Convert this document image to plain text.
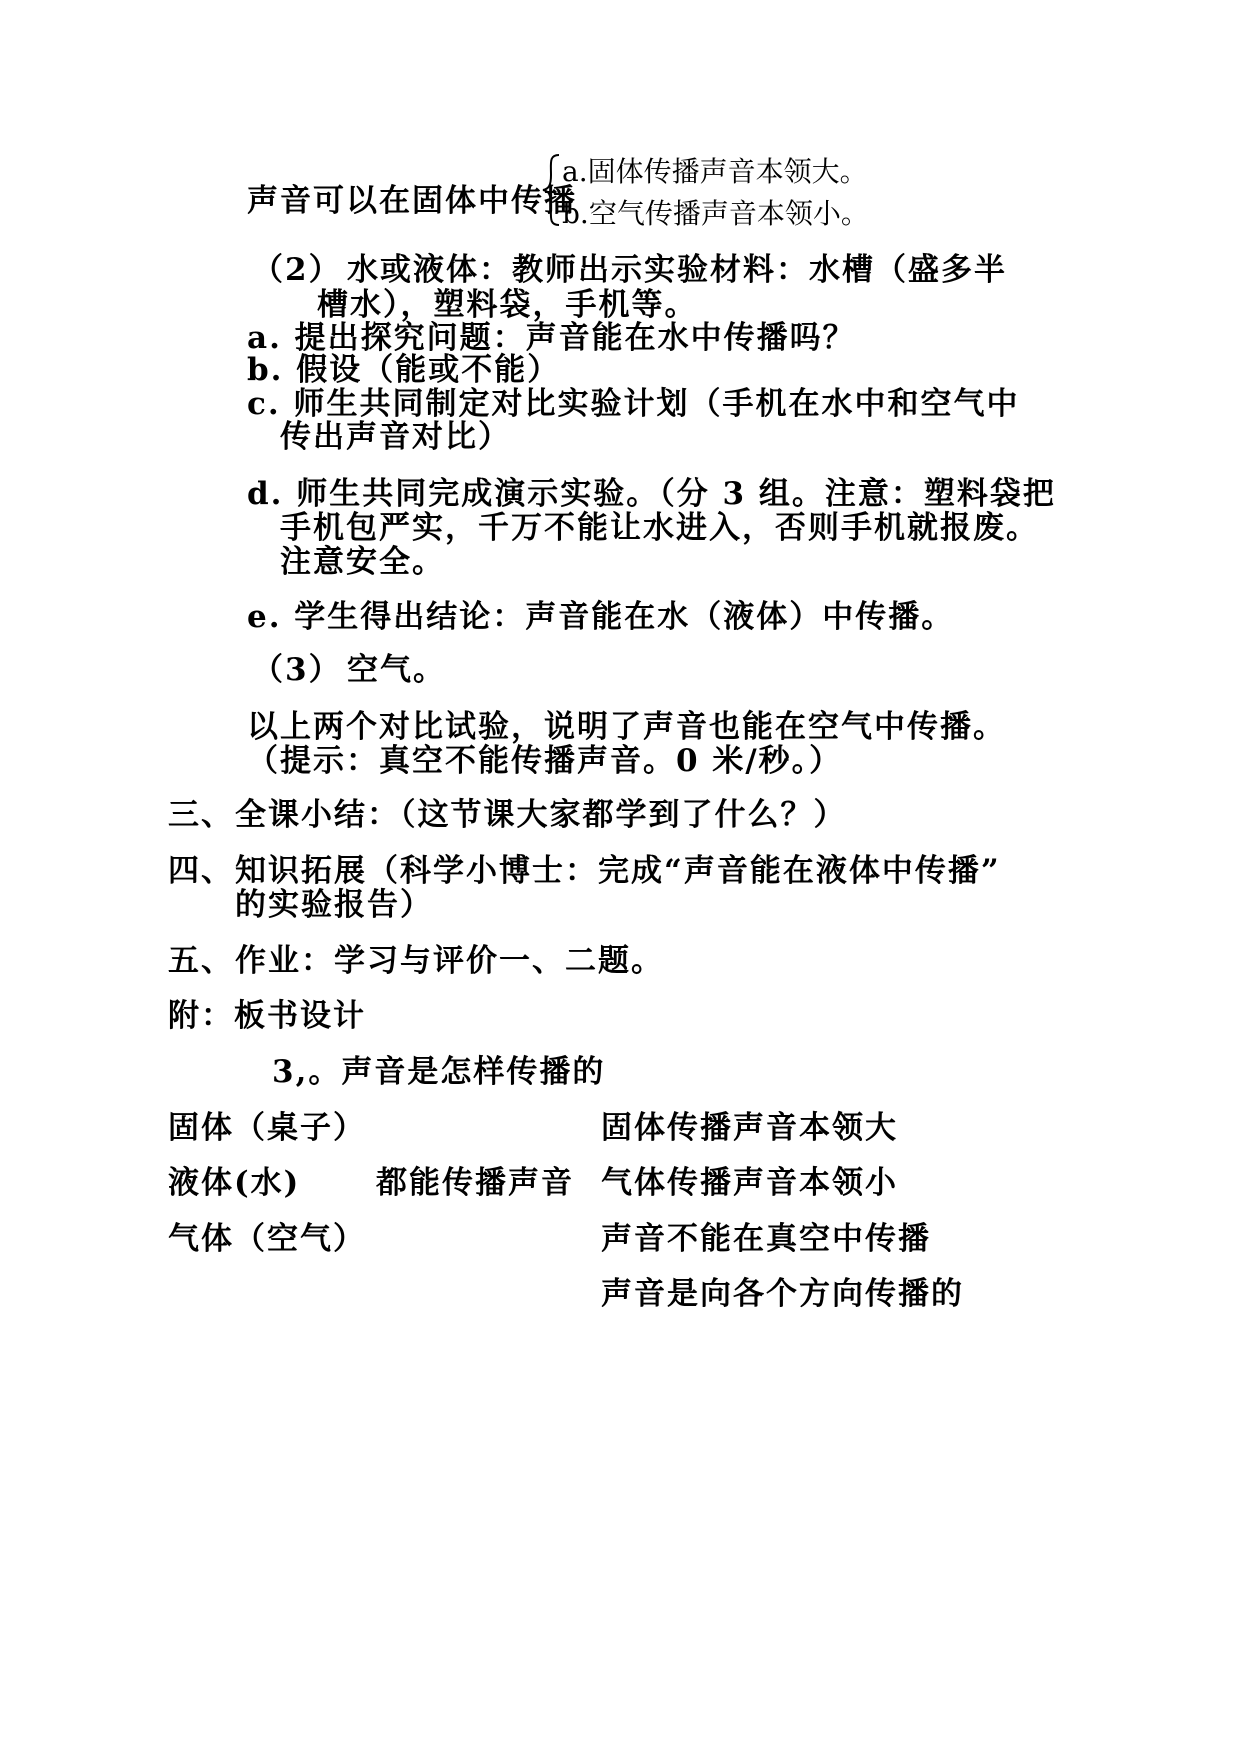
声音可以在固体中传播
a.固体传播声音本领大。
b.空气传播声音本领小。
（2） 水或液体：教师出示实验材料：水槽（盛多半
槽水），塑料袋，手机等。
a. 提出探究问题：声音能在水中传播吗？
b. 假设（能或不能）
c. 师生共同制定对比实验计划（手机在水中和空气中
传出声音对比）
d. 师生共同完成演示实验。（分 3 组。注意：塑料袋把
手机包严实，千万不能让水进入，否则手机就报废。
注意安全。
e. 学生得出结论：声音能在水（液体）中传播。
（3） 空气。
以上两个对比试验，说明了声音也能在空气中传播。
（提示：真空不能传播声音。0 米/秒。）
三、 全课小结：（这节课大家都学到了什么？）
四、 知识拓展（科学小博士：完成“声音能在液体中传播”
的实验报告）
五、 作业：学习与评价一、二题。
附：板书设计
3,。声音是怎样传播的
固体（桌子）
液体(水)
气体（空气）
都能传播声音
固体传播声音本领大
气体传播声音本领小
声音不能在真空中传播
声音是向各个方向传播的
